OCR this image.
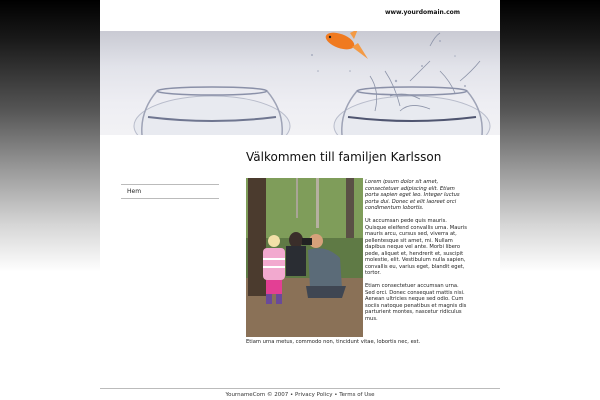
www.yourdomain.com
Hem
Välkommen till familjen Karlsson

Lorem ipsum dolor sit amet, consectetuer adipiscing elit. Etiam porta sapien eget leo. Integer luctus porta dui. Donec et elit laoreet orci condimentum lobortis.

Ut accumsan pede quis mauris. Quisque eleifend convallis urna. Mauris mauris arcu, cursus sed, viverra at, pellentesque sit amet, mi. Nullam dapibus neque vel ante. Morbi libero pede, aliquet et, hendrerit et, suscipit molestie, elit. Vestibulum nulla sapien, convallis eu, varius eget, blandit eget, tortor.

Etiam consectetuer accumsan urna. Sed orci. Donec consequat mattis nisi. Aenean ultricies neque sed odio. Cum sociis natoque penatibus et magnis dis parturient montes, nascetur ridiculus mus.

Etiam urna metus, commodo non, tincidunt vitae, lobortis nec, est.
YournameCom © 2007 • Privacy Policy • Terms of Use
